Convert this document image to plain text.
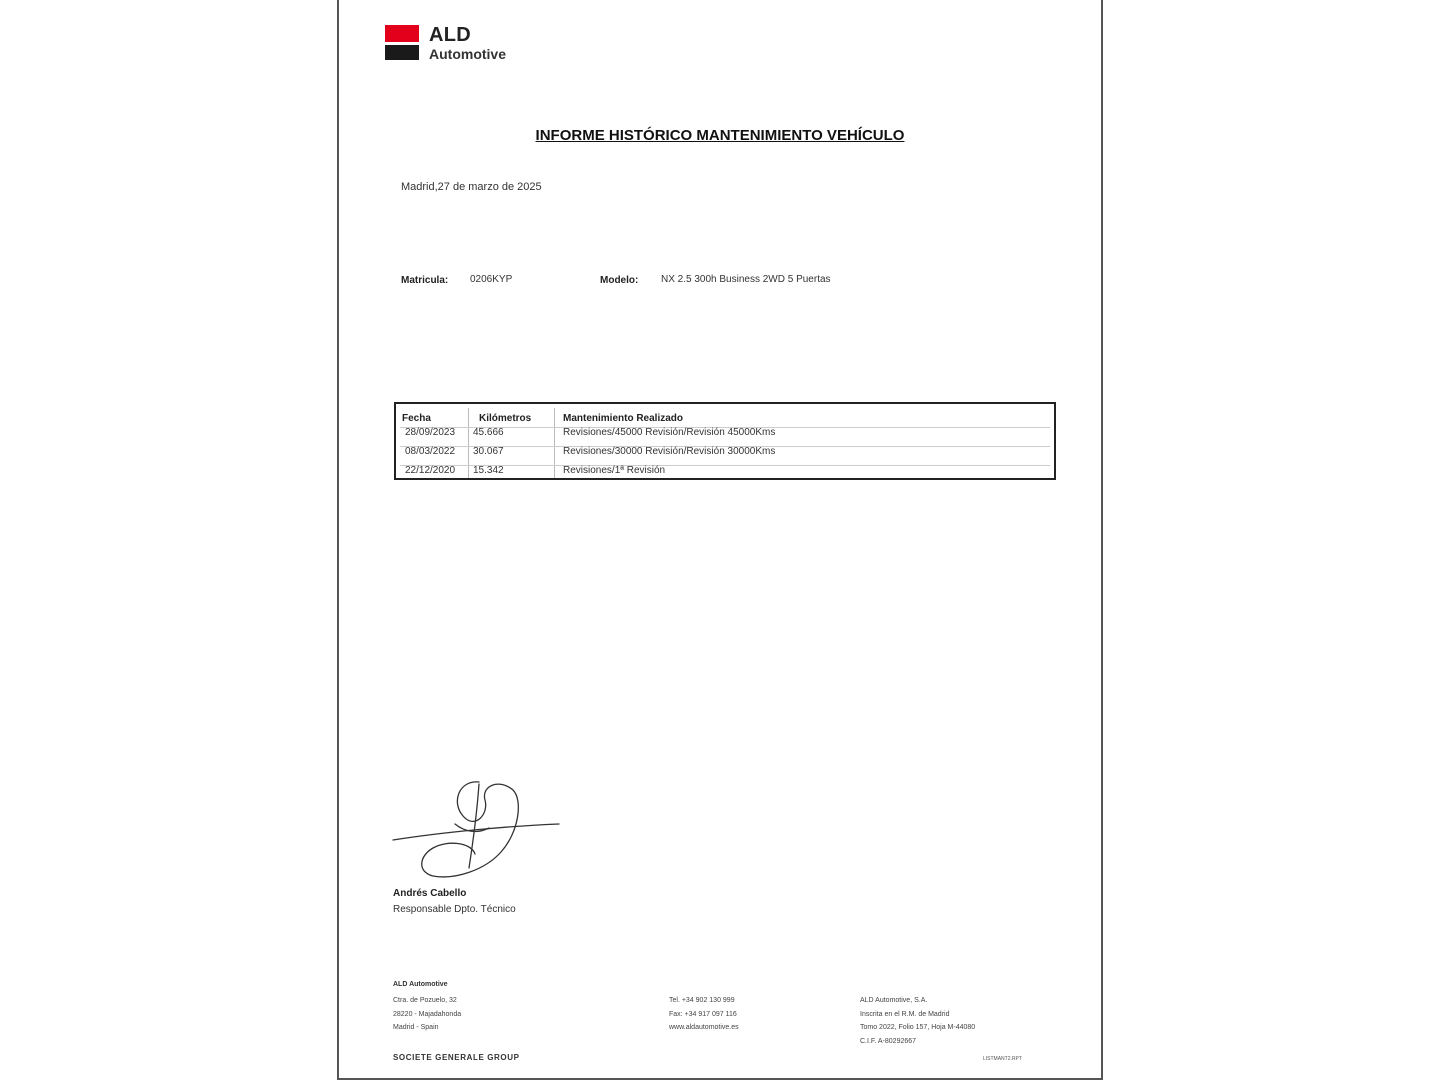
ALD
Automotive
INFORME HISTÓRICO MANTENIMIENTO VEHÍCULO
Madrid,27 de marzo de 2025
Matricula: 0206KYP	Modelo: NX 2.5 300h Business 2WD 5 Puertas
Fecha	Kilómetros	Mantenimiento Realizado
28/09/2023 45.666	Revisiones/45000 Revisión/Revisión 45000Kms
08/03/2022 30.067	Revisiones/30000 Revisión/Revisión 30000Kms
22/12/2020 15.342	Revisiones/1ª Revisión
Andrés Cabello
Responsable Dpto. Técnico
ALD Automotive
Ctra. de Pozuelo, 32
28220 - Majadahonda
Madrid - Spain
Tel. +34 902 130 999
Fax: +34 917 097 116
www.aldautomotive.es
ALD Automotive, S.A.
Inscrita en el R.M. de Madrid
Tomo 2022, Folio 157, Hoja M-44080
C.I.F. A-80292667
SOCIETE GENERALE GROUP	LISTMANT2.RPT
